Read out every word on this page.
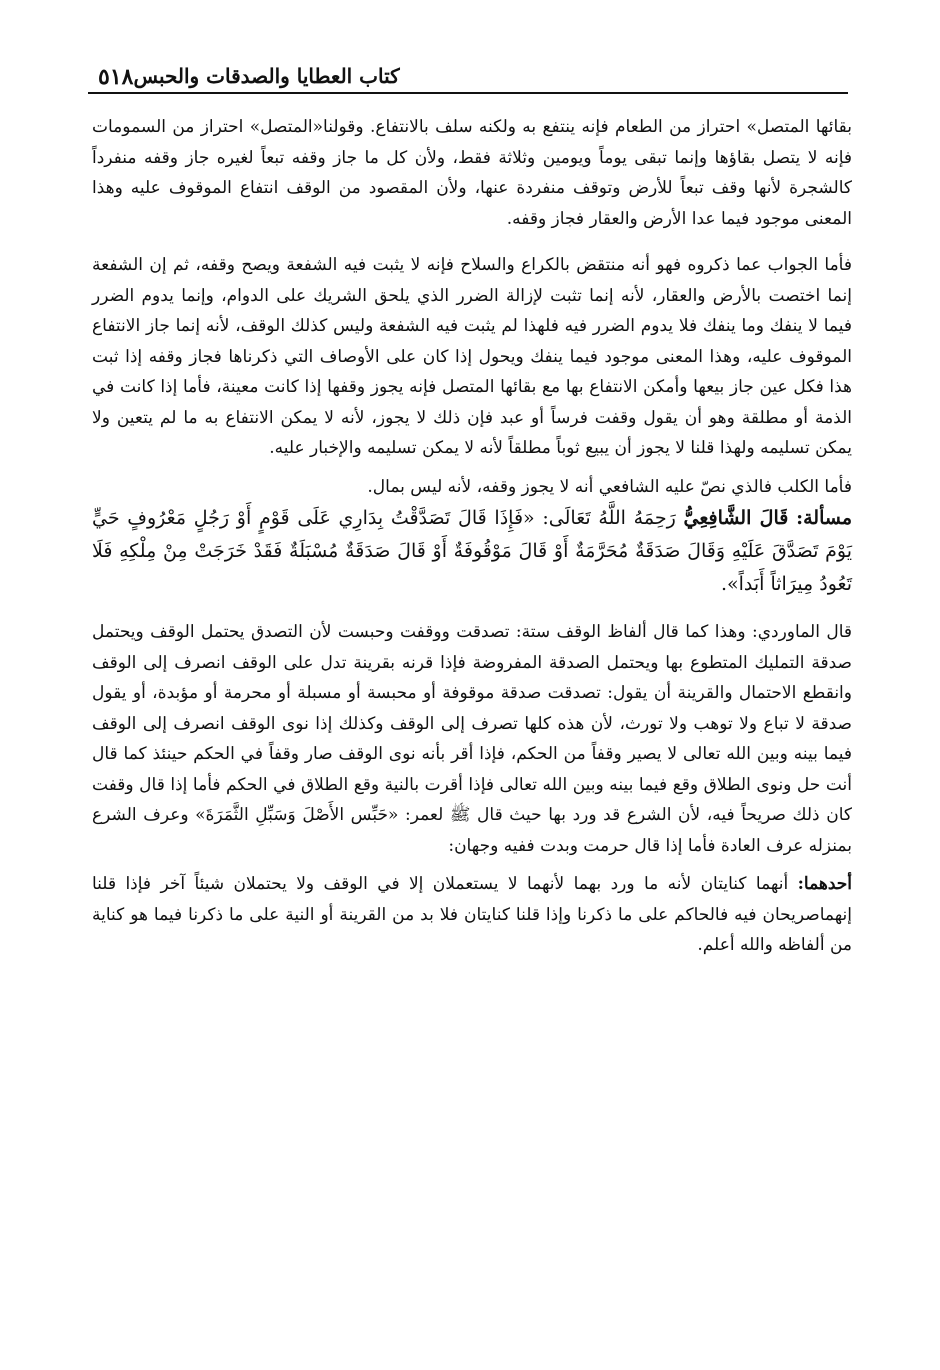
٥١٨ كتاب العطايا والصدقات والحبس

بقائها المتصل» احتراز من الطعام فإنه ينتفع به ولكنه سلف بالانتفاع. وقولنا«المتصل» احتراز من السمومات فإنه لا يتصل بقاؤها وإنما تبقى يوماً ويومين وثلاثة فقط، ولأن كل ما جاز وقفه تبعاً لغيره جاز وقفه منفرداً كالشجرة لأنها وقف تبعاً للأرض وتوقف منفردة عنها، ولأن المقصود من الوقف انتفاع الموقوف عليه وهذا المعنى موجود فيما عدا الأرض والعقار فجاز وقفه.

فأما الجواب عما ذكروه فهو أنه منتقض بالكراع والسلاح فإنه لا يثبت فيه الشفعة ويصح وقفه، ثم إن الشفعة إنما اختصت بالأرض والعقار، لأنه إنما تثبت لإزالة الضرر الذي يلحق الشريك على الدوام، وإنما يدوم الضرر فيما لا ينفك وما ينفك فلا يدوم الضرر فيه فلهذا لم يثبت فيه الشفعة وليس كذلك الوقف، لأنه إنما جاز الانتفاع الموقوف عليه، وهذا المعنى موجود فيما ينفك ويحول إذا كان على الأوصاف التي ذكرناها فجاز وقفه إذا ثبت هذا فكل عين جاز بيعها وأمكن الانتفاع بها مع بقائها المتصل فإنه يجوز وقفها إذا كانت معينة، فأما إذا كانت في الذمة أو مطلقة وهو أن يقول وقفت فرساً أو عبد فإن ذلك لا يجوز، لأنه لا يمكن الانتفاع به ما لم يتعين ولا يمكن تسليمه ولهذا قلنا لا يجوز أن يبيع ثوباً مطلقاً لأنه لا يمكن تسليمه والإخبار عليه.

فأما الكلب فالذي نصّ عليه الشافعي أنه لا يجوز وقفه، لأنه ليس بمال.

مسألة: قَالَ الشَّافِعِيُّ رَحِمَهُ اللَّهُ تَعَالَى: «فَإِذَا قَالَ تَصَدَّقْتُ بِدَارِي عَلَى قَوْمٍ أَوْ رَجُلٍ مَعْرُوفٍ حَيٍّ يَوْمَ تَصَدَّقَ عَلَيْهِ وَقَالَ صَدَقَةٌ مُحَرَّمَةٌ أَوْ قَالَ مَوْقُوفَةٌ أَوْ قَالَ صَدَقَةٌ مُسْبَلَةٌ فَقَدْ خَرَجَتْ مِنْ مِلْكِهِ فَلَا تَعُودُ مِيرَاثاً أَبَداً».

قال الماوردي: وهذا كما قال ألفاظ الوقف ستة: تصدقت ووقفت وحبست لأن التصدق يحتمل الوقف ويحتمل صدقة التمليك المتطوع بها ويحتمل الصدقة المفروضة فإذا قرنه بقرينة تدل على الوقف انصرف إلى الوقف وانقطع الاحتمال والقرينة أن يقول: تصدقت صدقة موقوفة أو محبسة أو مسبلة أو محرمة أو مؤبدة، أو يقول صدقة لا تباع ولا توهب ولا تورث، لأن هذه كلها تصرف إلى الوقف وكذلك إذا نوى الوقف انصرف إلى الوقف فيما بينه وبين الله تعالى لا يصير وقفاً من الحكم، فإذا أقر بأنه نوى الوقف صار وقفاً في الحكم حينئذ كما قال أنت حل ونوى الطلاق وقع فيما بينه وبين الله تعالى فإذا أقرت بالنية وقع الطلاق في الحكم فأما إذا قال وقفت كان ذلك صريحاً فيه، لأن الشرع قد ورد بها حيث قال ﷺ لعمر: «حَبِّس الأَصْلَ وَسَبِّلِ الثَّمَرَةَ» وعرف الشرع بمنزله عرف العادة فأما إذا قال حرمت وبدت ففيه وجهان:

أحدهما: أنهما كنايتان لأنه ما ورد بهما لأنهما لا يستعملان إلا في الوقف ولا يحتملان شيئاً آخر فإذا قلنا إنهماصريحان فيه فالحاكم على ما ذكرنا وإذا قلنا كنايتان فلا بد من القرينة أو النية على ما ذكرنا فيما هو كناية من ألفاظه والله أعلم.
